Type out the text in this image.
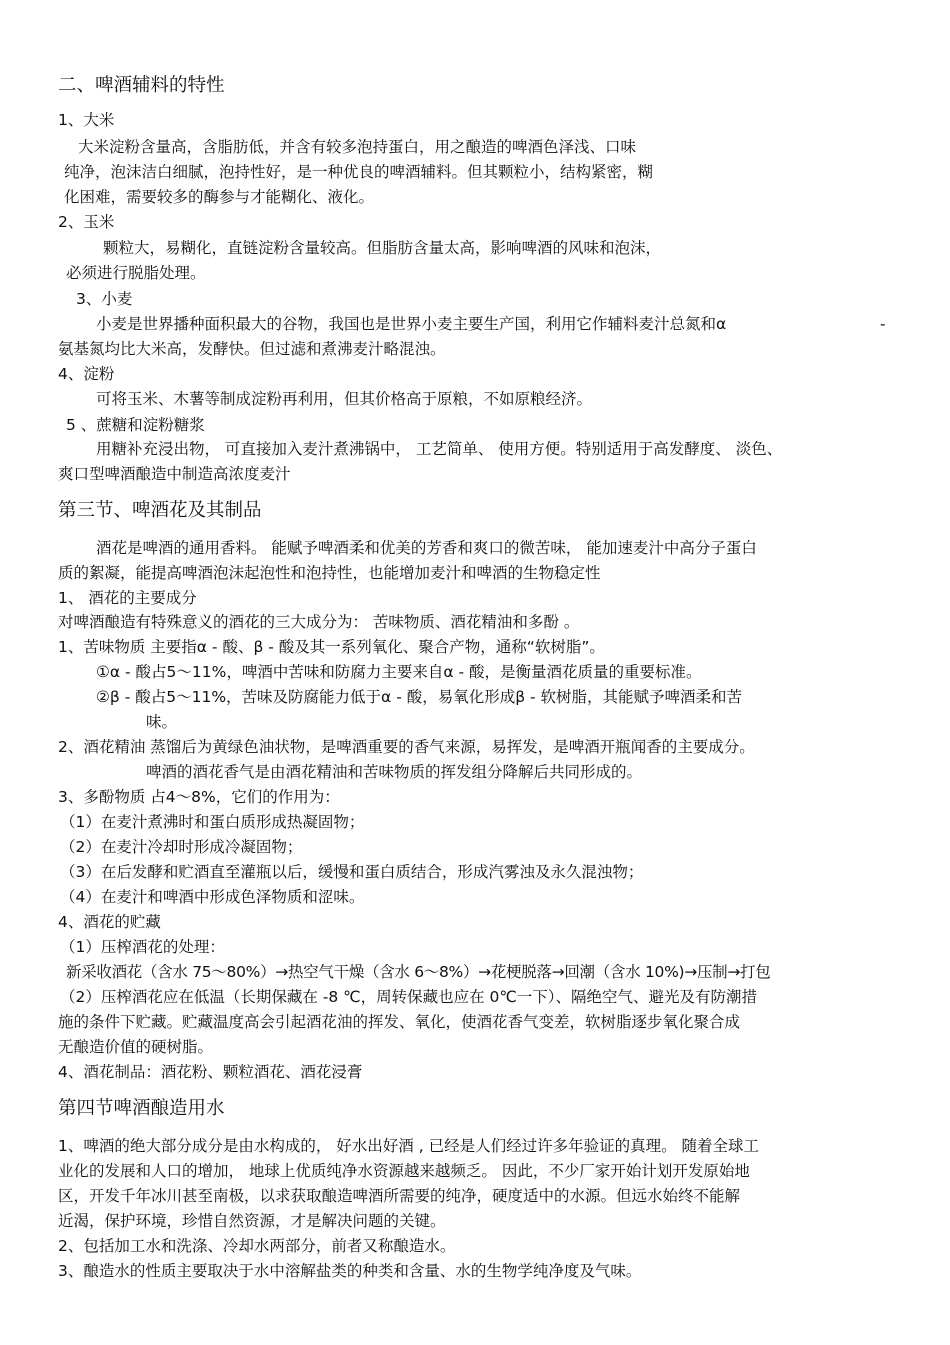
二、啤酒辅料的特性
1、大米
大米淀粉含量高，含脂肪低，并含有较多泡持蛋白，用之酿造的啤酒色泽浅、口味
纯净，泡沫洁白细腻，泡持性好，是一种优良的啤酒辅料。但其颗粒小，结构紧密，糊
化困难，需要较多的酶参与才能糊化、液化。
2、玉米
颗粒大，易糊化，直链淀粉含量较高。但脂肪含量太高，影响啤酒的风味和泡沫，
必须进行脱脂处理。
3、小麦
小麦是世界播种面积最大的谷物，我国也是世界小麦主要生产国，利用它作辅料麦汁总氮和α	-
氨基氮均比大米高，发酵快。但过滤和煮沸麦汁略混浊。
4、淀粉
可将玉米、木薯等制成淀粉再利用，但其价格高于原粮，不如原粮经济。
5 、蔗糖和淀粉糖浆
用糖补充浸出物， 可直接加入麦汁煮沸锅中， 工艺简单、 使用方便。特别适用于高发酵度、 淡色、
爽口型啤酒酿造中制造高浓度麦汁
第三节、啤酒花及其制品
酒花是啤酒的通用香料。 能赋予啤酒柔和优美的芳香和爽口的微苦味， 能加速麦汁中高分子蛋白
质的絮凝，能提高啤酒泡沫起泡性和泡持性，也能增加麦汁和啤酒的生物稳定性
1、 酒花的主要成分
对啤酒酿造有特殊意义的酒花的三大成分为： 苦味物质、酒花精油和多酚 。
1、苦味物质 主要指α - 酸、β - 酸及其一系列氧化、聚合产物，通称“软树脂”。
①α - 酸占5～11%，啤酒中苦味和防腐力主要来自α - 酸，是衡量酒花质量的重要标准。
②β - 酸占5～11%，苦味及防腐能力低于α - 酸，易氧化形成β - 软树脂，其能赋予啤酒柔和苦
味。
2、酒花精油 蒸馏后为黄绿色油状物，是啤酒重要的香气来源，易挥发，是啤酒开瓶闻香的主要成分。
啤酒的酒花香气是由酒花精油和苦味物质的挥发组分降解后共同形成的。
3、多酚物质 占4～8%，它们的作用为：
（1）在麦汁煮沸时和蛋白质形成热凝固物；
（2）在麦汁冷却时形成冷凝固物；
（3）在后发酵和贮酒直至灌瓶以后，缓慢和蛋白质结合，形成汽雾浊及永久混浊物；
（4）在麦汁和啤酒中形成色泽物质和涩味。
4、酒花的贮藏
（1）压榨酒花的处理：
新采收酒花（含水 75～80%）→热空气干燥（含水 6～8%）→花梗脱落→回潮（含水 10%)→压制→打包
（2）压榨酒花应在低温（长期保藏在 -8 ℃，周转保藏也应在 0℃一下）、隔绝空气、避光及有防潮措
施的条件下贮藏。贮藏温度高会引起酒花油的挥发、氧化，使酒花香气变差，软树脂逐步氧化聚合成
无酿造价值的硬树脂。
4、酒花制品：酒花粉、颗粒酒花、酒花浸膏
第四节啤酒酿造用水
1、啤酒的绝大部分成分是由水构成的， 好水出好酒 , 已经是人们经过许多年验证的真理。 随着全球工
业化的发展和人口的增加， 地球上优质纯净水资源越来越频乏。 因此，不少厂家开始计划开发原始地
区，开发千年冰川甚至南极，以求获取酿造啤酒所需要的纯净，硬度适中的水源。但远水始终不能解
近渴，保护环境，珍惜自然资源，才是解决问题的关键。
2、包括加工水和洗涤、冷却水两部分，前者又称酿造水。
3、酿造水的性质主要取决于水中溶解盐类的种类和含量、水的生物学纯净度及气味。
